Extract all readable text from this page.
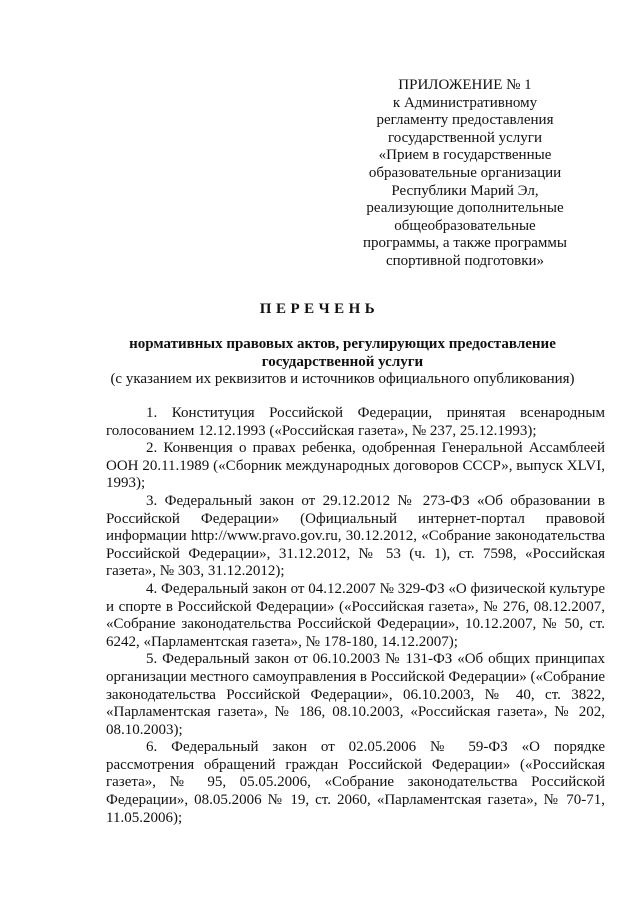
ПРИЛОЖЕНИЕ № 1
к Административному
регламенту предоставления
государственной услуги
«Прием в государственные
образовательные организации
Республики Марий Эл,
реализующие дополнительные
общеобразовательные
программы, а также программы
спортивной подготовки»
ПЕРЕЧЕНЬ
нормативных правовых актов, регулирующих предоставление
государственной услуги
(с указанием их реквизитов и источников официального опубликования)

1. Конституция Российской Федерации, принятая всенародным голосованием 12.12.1993 («Российская газета», № 237, 25.12.1993);

2. Конвенция о правах ребенка, одобренная Генеральной Ассамблеей ООН 20.11.1989 («Сборник международных договоров СССР», выпуск XLVI, 1993);

3. Федеральный закон от 29.12.2012 № 273-ФЗ «Об образовании в Российской Федерации» (Официальный интернет-портал правовой информации http://www.pravo.gov.ru, 30.12.2012, «Собрание законодательства Российской Федерации», 31.12.2012, № 53 (ч. 1), ст. 7598, «Российская газета», № 303, 31.12.2012);

4. Федеральный закон от 04.12.2007 № 329-ФЗ «О физической культуре и спорте в Российской Федерации» («Российская газета», № 276, 08.12.2007, «Собрание законодательства Российской Федерации», 10.12.2007, № 50, ст. 6242, «Парламентская газета», № 178-180, 14.12.2007);

5. Федеральный закон от 06.10.2003 № 131-ФЗ «Об общих принципах организации местного самоуправления в Российской Федерации» («Собрание законодательства Российской Федерации», 06.10.2003, № 40, ст. 3822, «Парламентская газета», № 186, 08.10.2003, «Российская газета», № 202, 08.10.2003);

6. Федеральный закон от 02.05.2006 № 59-ФЗ «О порядке рассмотрения обращений граждан Российской Федерации» («Российская газета», № 95, 05.05.2006, «Собрание законодательства Российской Федерации», 08.05.2006 № 19, ст. 2060, «Парламентская газета», № 70-71, 11.05.2006);
